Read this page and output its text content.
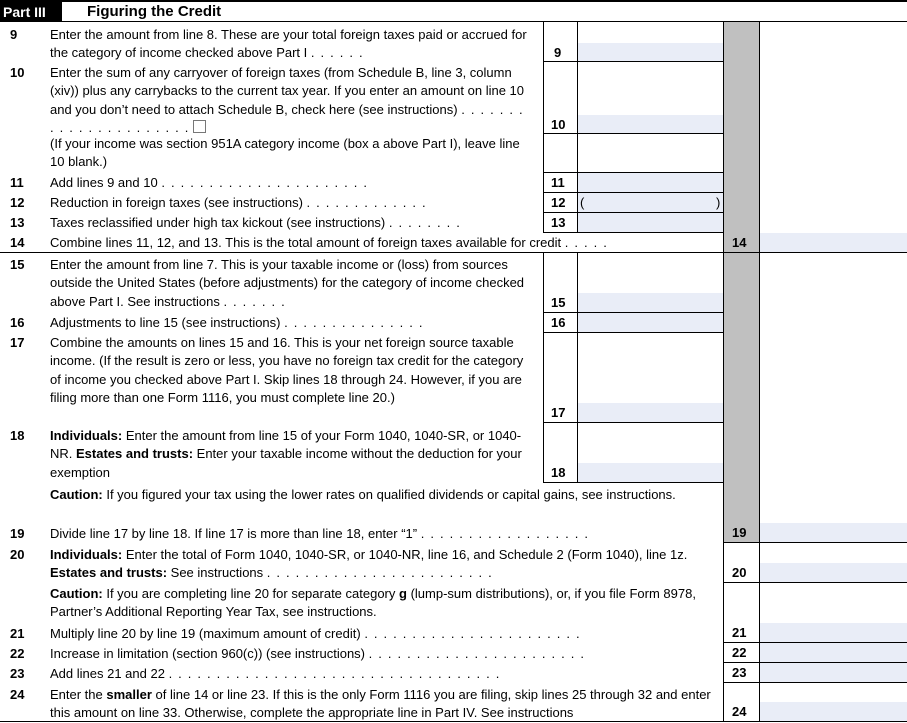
Part III	Figuring the Credit
9
10
11
12
13
14
15
16
17
18
19
20
21
22
23
24
(	)
9
10
11
12
13
14
15
16
17
18
19
20
21
22
23
24
Enter the amount from line 8. These are your total foreign taxes paid or accrued for the category of income checked above Part I . . . . . .
Enter the sum of any carryover of foreign taxes (from Schedule B, line 3, column (xiv)) plus any carrybacks to the current tax year. If you enter an amount on line 10 and you don’t need to attach Schedule B, check here (see instructions) . . . . . . . . . . . . . . . . . . . . . .
(If your income was section 951A category income (box a above Part I), leave line 10 blank.)
Add lines 9 and 10 . . . . . . . . . . . . . . . . . . . . . .
Reduction in foreign taxes (see instructions) . . . . . . . . . . . . .
Taxes reclassified under high tax kickout (see instructions) . . . . . . . .
Combine lines 11, 12, and 13. This is the total amount of foreign taxes available for credit . . . . .
Enter the amount from line 7. This is your taxable income or (loss) from sources outside the United States (before adjustments) for the category of income checked above Part I. See instructions . . . . . . .
Adjustments to line 15 (see instructions) . . . . . . . . . . . . . . .
Combine the amounts on lines 15 and 16. This is your net foreign source taxable income. (If the result is zero or less, you have no foreign tax credit for the category of income you checked above Part I. Skip lines 18 through 24. However, if you are filing more than one Form 1116, you must complete line 20.)
Individuals: Enter the amount from line 15 of your Form 1040, 1040-SR, or 1040-NR. Estates and trusts: Enter your taxable income without the deduction for your exemption
Caution: If you figured your tax using the lower rates on qualified dividends or capital gains, see instructions.
Divide line 17 by line 18. If line 17 is more than line 18, enter “1” . . . . . . . . . . . . . . . . . .
Individuals: Enter the total of Form 1040, 1040-SR, or 1040-NR, line 16, and Schedule 2 (Form 1040), line 1z. Estates and trusts: See instructions . . . . . . . . . . . . . . . . . . . . . . . .
Caution: If you are completing line 20 for separate category g (lump-sum distributions), or, if you file Form 8978, Partner’s Additional Reporting Year Tax, see instructions.
Multiply line 20 by line 19 (maximum amount of credit) . . . . . . . . . . . . . . . . . . . . . . .
Increase in limitation (section 960(c)) (see instructions) . . . . . . . . . . . . . . . . . . . . . . .
Add lines 21 and 22 . . . . . . . . . . . . . . . . . . . . . . . . . . . . . . . . . . .
Enter the smaller of line 14 or line 23. If this is the only Form 1116 you are filing, skip lines 25 through 32 and enter this amount on line 33. Otherwise, complete the appropriate line in Part IV. See instructions
